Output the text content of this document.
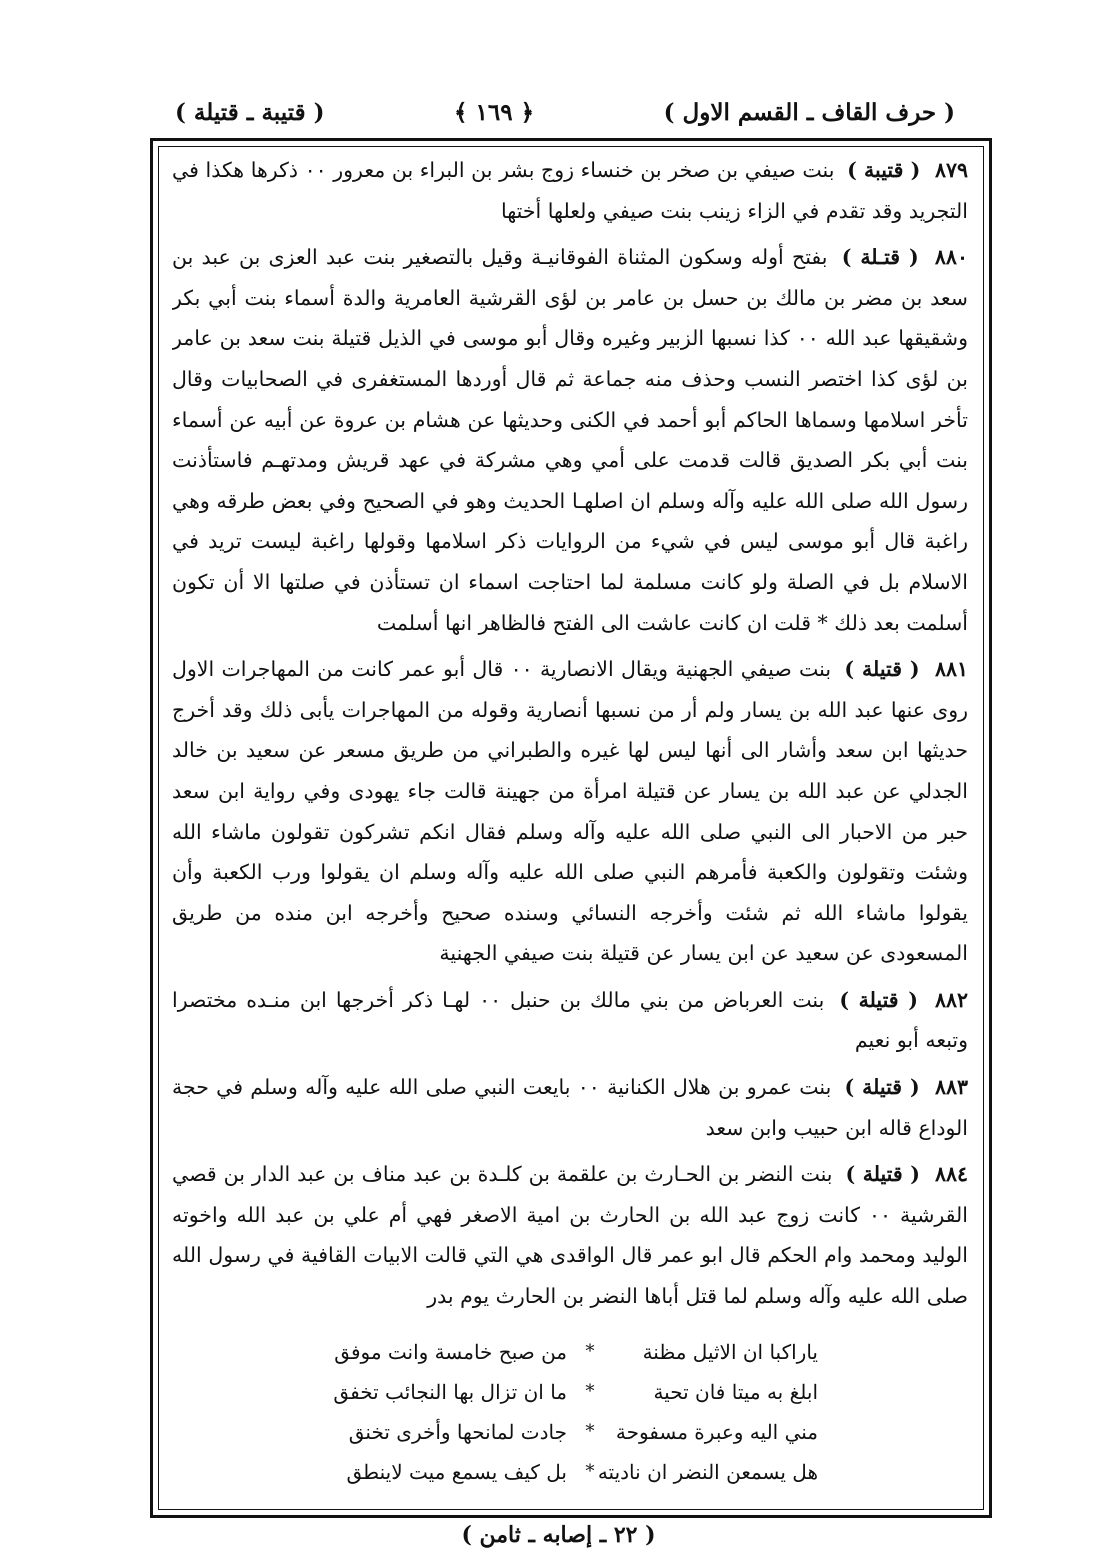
( حرف القاف ـ القسم الاول )
﴿ ١٦٩ ﴾
( قتيبة ـ قتيلة )

٨٧٩ ( قتيبة ) بنت صيفي بن صخر بن خنساء زوج بشر بن البراء بن معرور ٠٠ ذكرها هكذا في التجريد وقد تقدم في الزاء زينب بنت صيفي ولعلها أختها

٨٨٠ ( قتـلة ) بفتح أوله وسكون المثناة الفوقانيـة وقيل بالتصغير بنت عبد العزى بن عبد بن سعد بن مضر بن مالك بن حسل بن عامر بن لؤى القرشية العامرية والدة أسماء بنت أبي بكر وشقيقها عبد الله ٠٠ كذا نسبها الزبير وغيره وقال أبو موسى في الذيل قتيلة بنت سعد بن عامر بن لؤى كذا اختصر النسب وحذف منه جماعة ثم قال أوردها المستغفرى في الصحابيات وقال تأخر اسلامها وسماها الحاكم أبو أحمد في الكنى وحديثها عن هشام بن عروة عن أبيه عن أسماء بنت أبي بكر الصديق قالت قدمت على أمي وهي مشركة في عهد قريش ومدتهـم فاستأذنت رسول الله صلى الله عليه وآله وسلم ان اصلهـا الحديث وهو في الصحيح وفي بعض طرقه وهي راغبة قال أبو موسى ليس في شيء من الروايات ذكر اسلامها وقولها راغبة ليست تريد في الاسلام بل في الصلة ولو كانت مسلمة لما احتاجت اسماء ان تستأذن في صلتها الا أن تكون أسلمت بعد ذلك * قلت ان كانت عاشت الى الفتح فالظاهر انها أسلمت

٨٨١ ( قتيلة ) بنت صيفي الجهنية ويقال الانصارية ٠٠ قال أبو عمر كانت من المهاجرات الاول روى عنها عبد الله بن يسار ولم أر من نسبها أنصارية وقوله من المهاجرات يأبى ذلك وقد أخرج حديثها ابن سعد وأشار الى أنها ليس لها غيره والطبراني من طريق مسعر عن سعيد بن خالد الجدلي عن عبد الله بن يسار عن قتيلة امرأة من جهينة قالت جاء يهودى وفي رواية ابن سعد حبر من الاحبار الى النبي صلى الله عليه وآله وسلم فقال انكم تشركون تقولون ماشاء الله وشئت وتقولون والكعبة فأمرهم النبي صلى الله عليه وآله وسلم ان يقولوا ورب الكعبة وأن يقولوا ماشاء الله ثم شئت وأخرجه النسائي وسنده صحيح وأخرجه ابن منده من طريق المسعودى عن سعيد عن ابن يسار عن قتيلة بنت صيفي الجهنية

٨٨٢ ( قتيلة ) بنت العرباض من بني مالك بن حنبل ٠٠ لهـا ذكر أخرجها ابن منـده مختصرا وتبعه أبو نعيم

٨٨٣ ( قتيلة ) بنت عمرو بن هلال الكنانية ٠٠ بايعت النبي صلى الله عليه وآله وسلم في حجة الوداع قاله ابن حبيب وابن سعد

٨٨٤ ( قتيلة ) بنت النضر بن الحـارث بن علقمة بن كلـدة بن عبد مناف بن عبد الدار بن قصي القرشية ٠٠ كانت زوج عبد الله بن الحارث بن امية الاصغر فهي أم علي بن عبد الله واخوته الوليد ومحمد وام الحكم قال ابو عمر قال الواقدى هي التي قالت الابيات القافية في رسول الله صلى الله عليه وآله وسلم لما قتل أباها النضر بن الحارث يوم بدر

ياراكبا ان الاثيل مظنة
*
من صبح خامسة وانت موفق
ابلغ به ميتا فان تحية
*
ما ان تزال بها النجائب تخفق
مني اليه وعبرة مسفوحة
*
جادت لمانحها وأخرى تخنق
هل يسمعن النضر ان ناديته
*
بل كيف يسمع ميت لاينطق
( ٢٢ ـ إصابه ـ ثامن )
